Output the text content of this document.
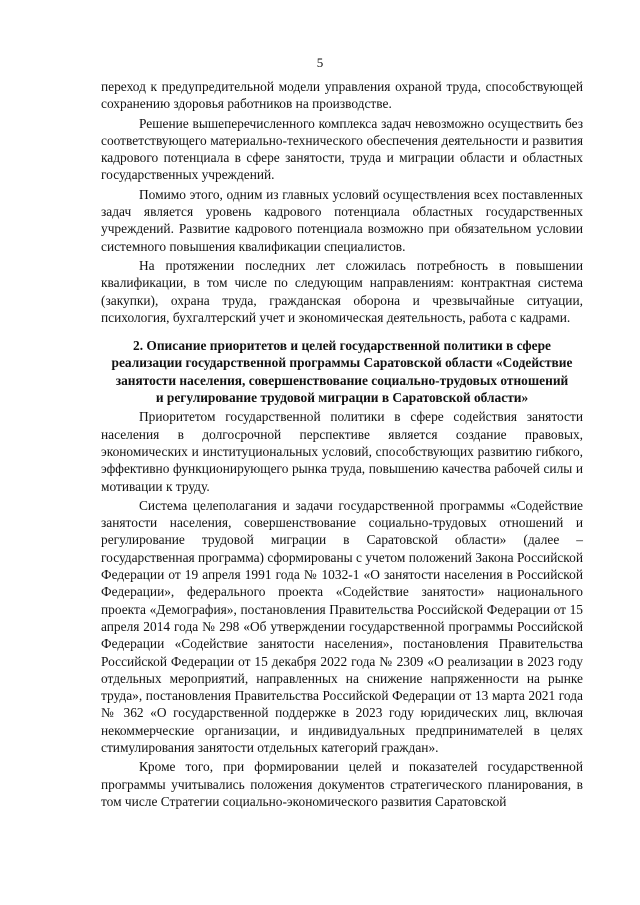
5

переход к предупредительной модели управления охраной труда, способствующей сохранению здоровья работников на производстве.

Решение вышеперечисленного комплекса задач невозможно осуществить без соответствующего материально-технического обеспечения деятельности и развития кадрового потенциала в сфере занятости, труда и миграции области и областных государственных учреждений.

Помимо этого, одним из главных условий осуществления всех поставленных задач является уровень кадрового потенциала областных государственных учреждений. Развитие кадрового потенциала возможно при обязательном условии системного повышения квалификации специалистов.

На протяжении последних лет сложилась потребность в повышении квалификации, в том числе по следующим направлениям: контрактная система (закупки), охрана труда, гражданская оборона и чрезвычайные ситуации, психология, бухгалтерский учет и экономическая деятельность, работа с кадрами.

2. Описание приоритетов и целей государственной политики в сфере реализации государственной программы Саратовской области «Содействие занятости населения, совершенствование социально-трудовых отношений и регулирование трудовой миграции в Саратовской области»

Приоритетом государственной политики в сфере содействия занятости населения в долгосрочной перспективе является создание правовых, экономических и институциональных условий, способствующих развитию гибкого, эффективно функционирующего рынка труда, повышению качества рабочей силы и мотивации к труду.

Система целеполагания и задачи государственной программы «Содействие занятости населения, совершенствование социально-трудовых отношений и регулирование трудовой миграции в Саратовской области» (далее – государственная программа) сформированы с учетом положений Закона Российской Федерации от 19 апреля 1991 года № 1032-1 «О занятости населения в Российской Федерации», федерального проекта «Содействие занятости» национального проекта «Демография», постановления Правительства Российской Федерации от 15 апреля 2014 года № 298 «Об утверждении государственной программы Российской Федерации «Содействие занятости населения», постановления Правительства Российской Федерации от 15 декабря 2022 года № 2309 «О реализации в 2023 году отдельных мероприятий, направленных на снижение напряженности на рынке труда», постановления Правительства Российской Федерации от 13 марта 2021 года № 362 «О государственной поддержке в 2023 году юридических лиц, включая некоммерческие организации, и индивидуальных предпринимателей в целях стимулирования занятости отдельных категорий граждан».

Кроме того, при формировании целей и показателей государственной программы учитывались положения документов стратегического планирования, в том числе Стратегии социально-экономического развития Саратовской
